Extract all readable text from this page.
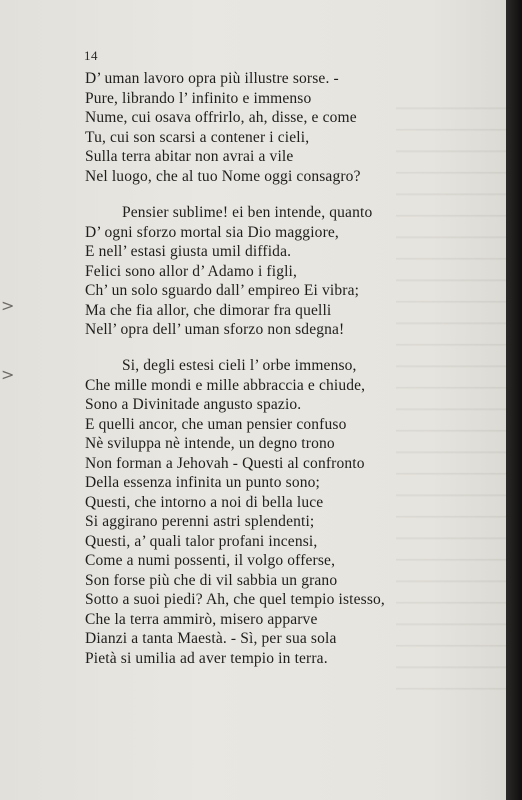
14
>
>
D’ uman lavoro opra più illustre sorse. -
Pure, librando l’ infinito e immenso
Nume, cui osava offrirlo, ah, disse, e come
Tu, cui son scarsi a contener i cieli,
Sulla terra abitar non avrai a vile
Nel luogo, che al tuo Nome oggi consagro?
Pensier sublime! ei ben intende, quanto
D’ ogni sforzo mortal sia Dio maggiore,
E nell’ estasi giusta umil diffida.
Felici sono allor d’ Adamo i figli,
Ch’ un solo sguardo dall’ empireo Ei vibra;
Ma che fia allor, che dimorar fra quelli
Nell’ opra dell’ uman sforzo non sdegna!
Si, degli estesi cieli l’ orbe immenso,
Che mille mondi e mille abbraccia e chiude,
Sono a Divinitade angusto spazio.
E quelli ancor, che uman pensier confuso
Nè sviluppa nè intende, un degno trono
Non forman a Jehovah - Questi al confronto
Della essenza infinita un punto sono;
Questi, che intorno a noi di bella luce
Si aggirano perenni astri splendenti;
Questi, a’ quali talor profani incensi,
Come a numi possenti, il volgo offerse,
Son forse più che di vil sabbia un grano
Sotto a suoi piedi? Ah, che quel tempio istesso,
Che la terra ammirò, misero apparve
Dianzi a tanta Maestà. - Sì, per sua sola
Pietà si umilia ad aver tempio in terra.
